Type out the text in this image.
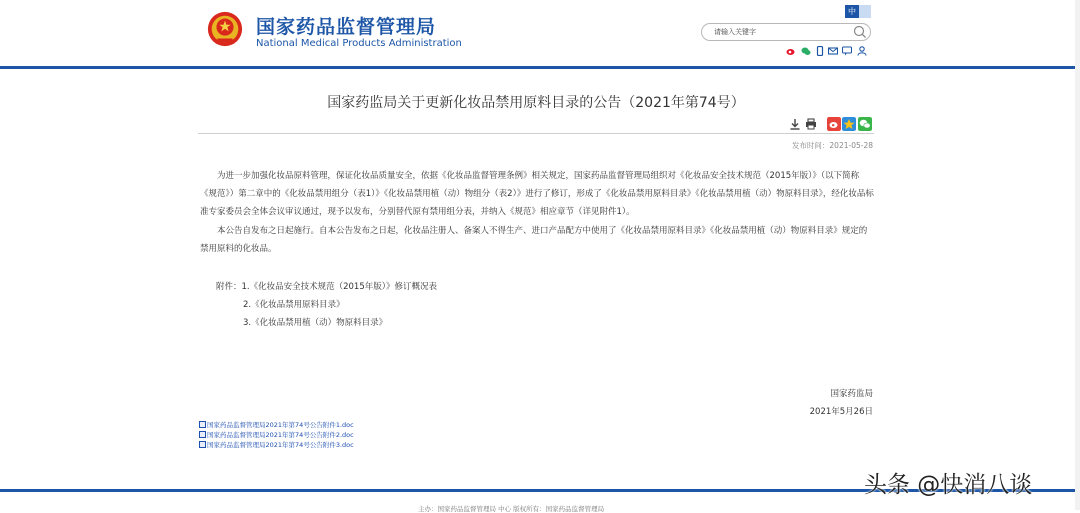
国家药品监督管理局
National Medical Products Administration
中
请输入关键字
国家药监局关于更新化妆品禁用原料目录的公告（2021年第74号）
发布时间：2021-05-28
为进一步加强化妆品原料管理，保证化妆品质量安全，依据《化妆品监督管理条例》相关规定，国家药品监督管理局组织对《化妆品安全技术规范（2015年版）》（以下简称《规范》）第二章中的《化妆品禁用组分（表1）》《化妆品禁用植（动）物组分（表2）》进行了修订，形成了《化妆品禁用原料目录》《化妆品禁用植（动）物原料目录》，经化妆品标准专家委员会全体会议审议通过，现予以发布，分别替代原有禁用组分表，并纳入《规范》相应章节（详见附件1）。
本公告自发布之日起施行。自本公告发布之日起，化妆品注册人、备案人不得生产、进口产品配方中使用了《化妆品禁用原料目录》《化妆品禁用植（动）物原料目录》规定的禁用原料的化妆品。
附件：1.《化妆品安全技术规范（2015年版）》修订概况表
2.《化妆品禁用原料目录》
3.《化妆品禁用植（动）物原料目录》
国家药监局
2021年5月26日
国家药品监督管理局2021年第74号公告附件1.doc
国家药品监督管理局2021年第74号公告附件2.doc
国家药品监督管理局2021年第74号公告附件3.doc
主办：国家药品监督管理局 中心 版权所有：国家药品监督管理局
头条 @快消八谈
